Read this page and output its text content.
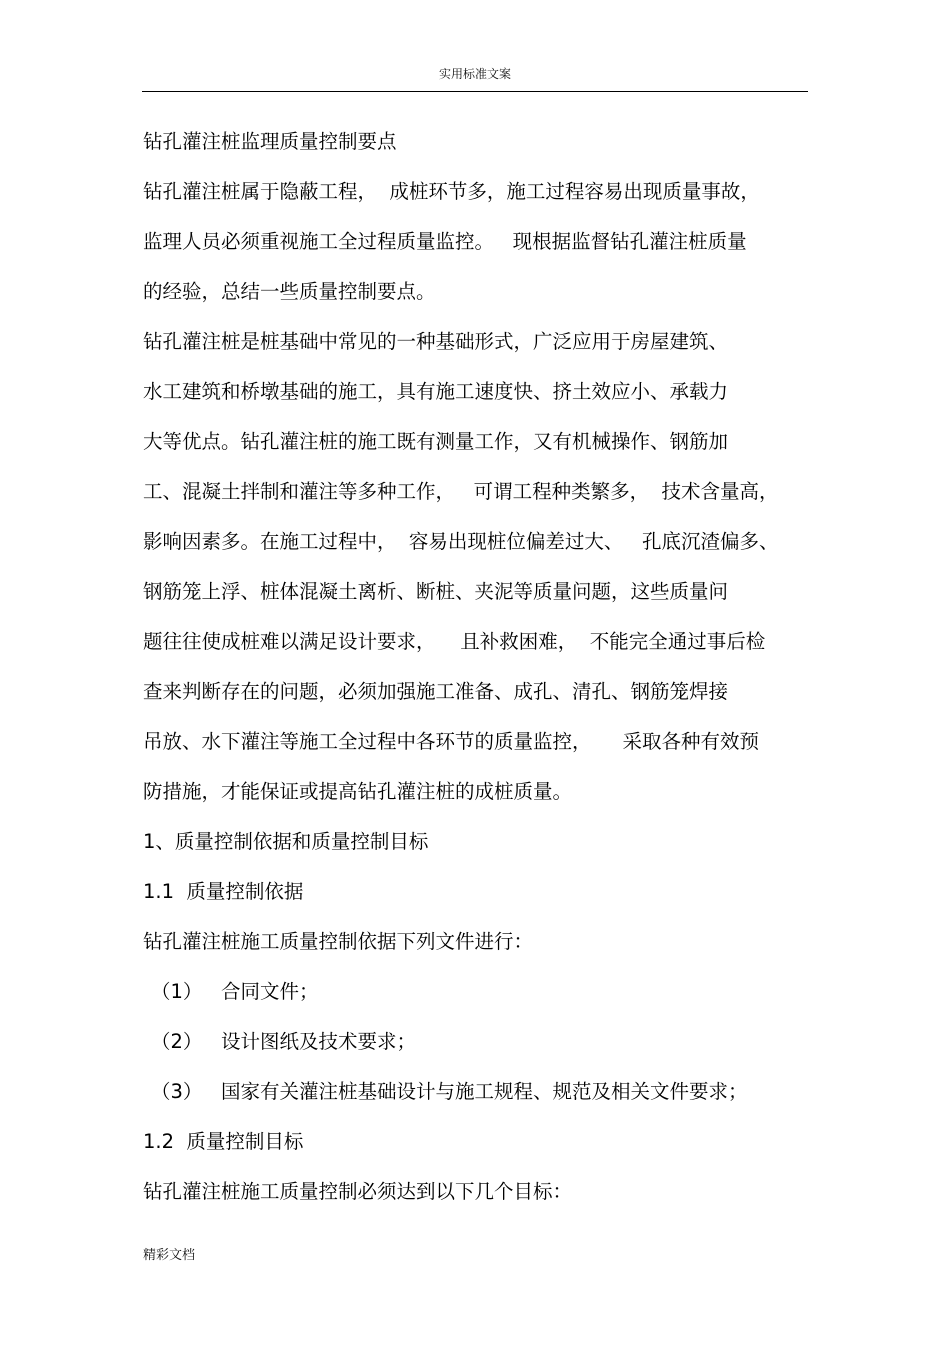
实用标准文案
钻孔灌注桩监理质量控制要点
钻孔灌注桩属于隐蔽工程，  成桩环节多，施工过程容易出现质量事故，
监理人员必须重视施工全过程质量监控。   现根据监督钻孔灌注桩质量
的经验，总结一些质量控制要点。
钻孔灌注桩是桩基础中常见的一种基础形式，广泛应用于房屋建筑、
水工建筑和桥墩基础的施工，具有施工速度快、挤土效应小、承载力
大等优点。钻孔灌注桩的施工既有测量工作，又有机械操作、钢筋加
工、混凝土拌制和灌注等多种工作，   可谓工程种类繁多，  技术含量高，
影响因素多。在施工过程中，  容易出现桩位偏差过大、   孔底沉渣偏多、
钢筋笼上浮、桩体混凝土离析、断桩、夹泥等质量问题，这些质量问
题往往使成桩难以满足设计要求，    且补救困难，  不能完全通过事后检
查来判断存在的问题，必须加强施工准备、成孔、清孔、钢筋笼焊接
吊放、水下灌注等施工全过程中各环节的质量监控，     采取各种有效预
防措施，才能保证或提高钻孔灌注桩的成桩质量。
1、质量控制依据和质量控制目标
1.1  质量控制依据
钻孔灌注桩施工质量控制依据下列文件进行：
（1）   合同文件；
（2）   设计图纸及技术要求；
（3）   国家有关灌注桩基础设计与施工规程、规范及相关文件要求；
1.2  质量控制目标
钻孔灌注桩施工质量控制必须达到以下几个目标：
精彩文档
